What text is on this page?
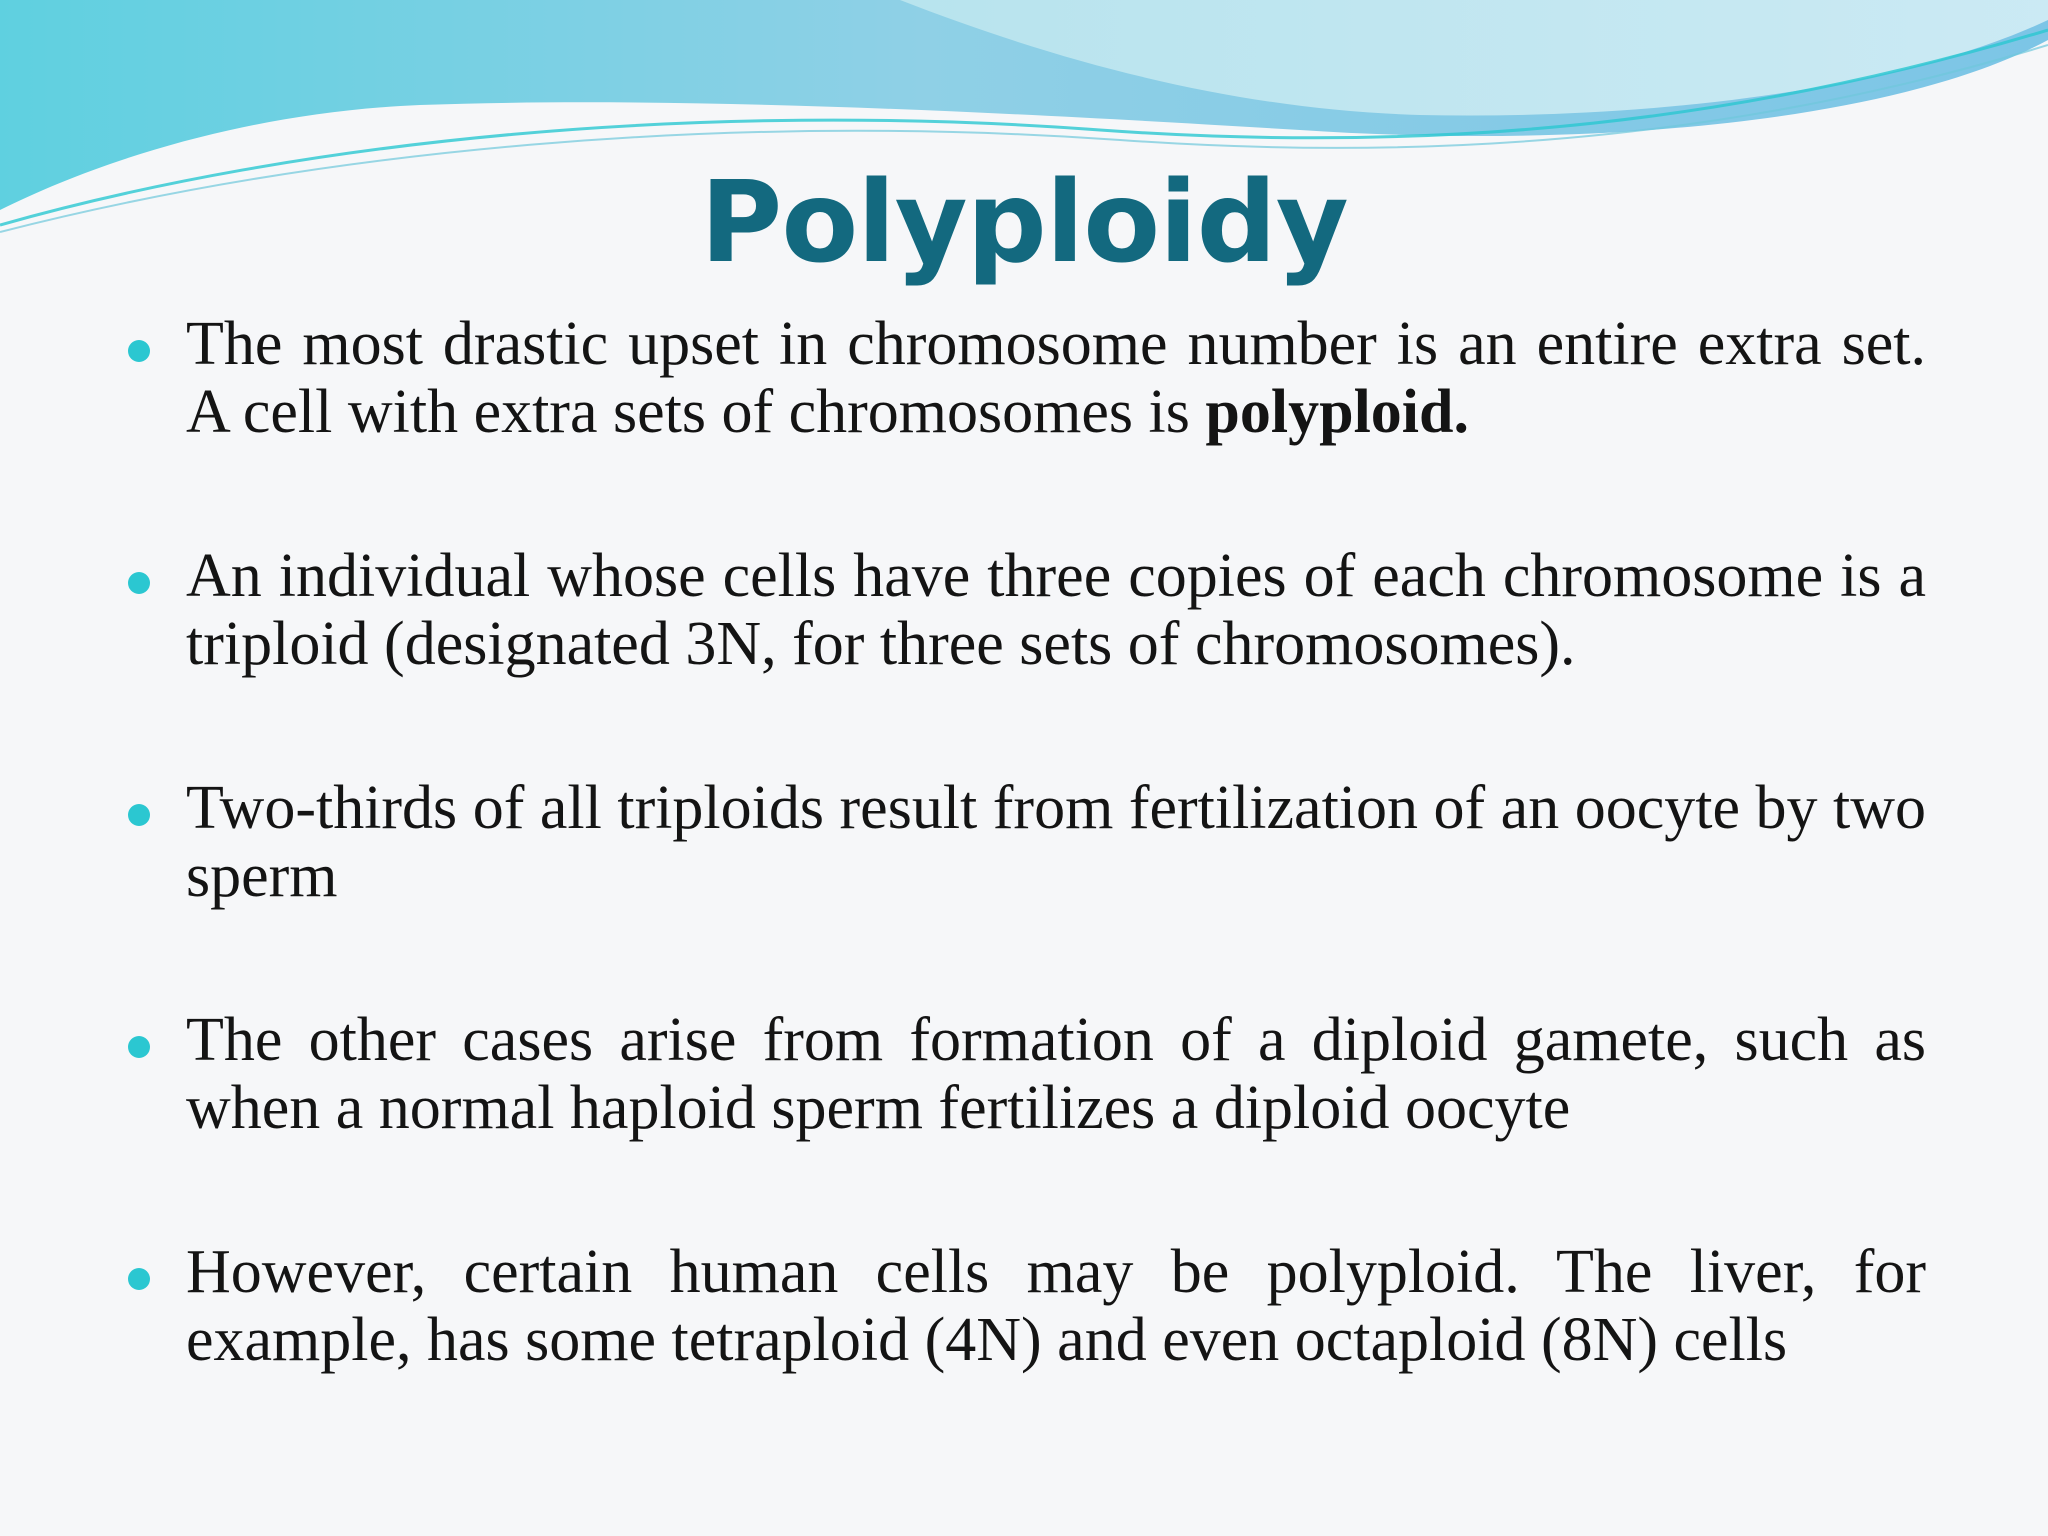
Polyploidy
The most drastic upset in chromosome number is an entire extra set. A cell with extra sets of chromosomes is polyploid.
An individual whose cells have three copies of each chromosome is a triploid (designated 3N, for three sets of chromosomes).
Two-thirds of all triploids result from fertilization of an oocyte by two sperm
The other cases arise from formation of a diploid gamete, such as when a normal haploid sperm fertilizes a diploid oocyte
However, certain human cells may be polyploid. The liver, for example, has some tetraploid (4N) and even octaploid (8N) cells
